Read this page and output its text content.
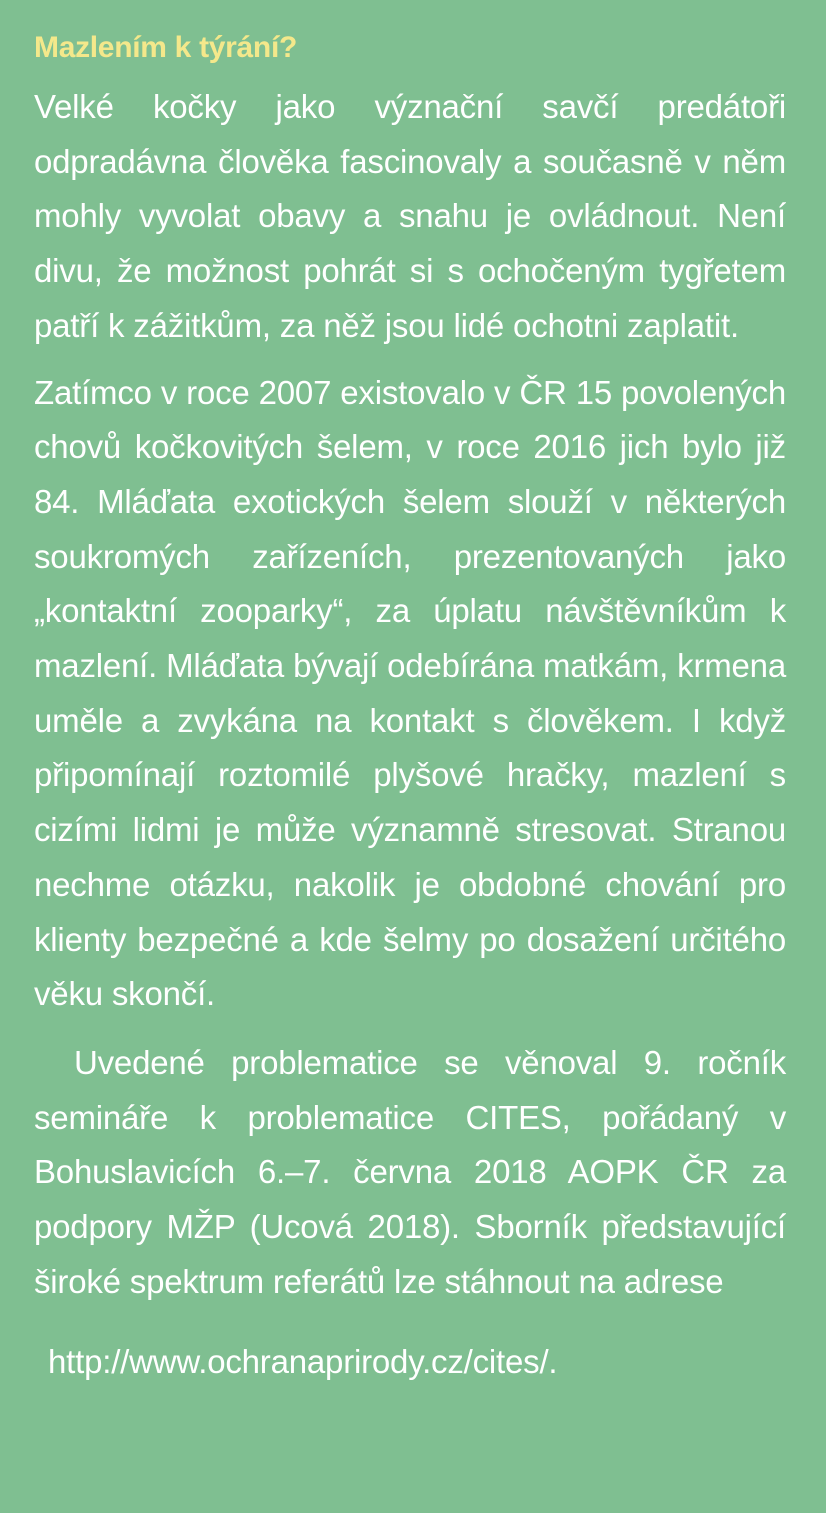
Mazlením k týrání?

Velké kočky jako význační savčí predátoři odpradávna člověka fascinovaly a současně v něm mohly vyvolat obavy a snahu je ovládnout. Není divu, že možnost pohrát si s ochočeným tygřetem patří k zážitkům, za něž jsou lidé ochotni zaplatit.

Zatímco v roce 2007 existovalo v ČR 15 povolených chovů kočkovitých šelem, v roce 2016 jich bylo již 84. Mláďata exotických šelem slouží v některých soukromých zařízeních, prezentovaných jako „kontaktní zooparky“, za úplatu návštěvníkům k mazlení. Mláďata bývají odebírána matkám, krmena uměle a zvykána na kontakt s člověkem. I když připomínají roztomilé plyšové hračky, mazlení s cizími lidmi je může významně stresovat. Stranou nechme otázku, nakolik je obdobné chování pro klienty bezpečné a kde šelmy po dosažení určitého věku skončí.

Uvedené problematice se věnoval 9. ročník semináře k problematice CITES, pořádaný v Bohuslavicích 6.–7. června 2018 AOPK ČR za podpory MŽP (Ucová 2018). Sborník představující široké spektrum referátů lze stáhnout na adrese

http://www.ochranaprirody.cz/cites/.
